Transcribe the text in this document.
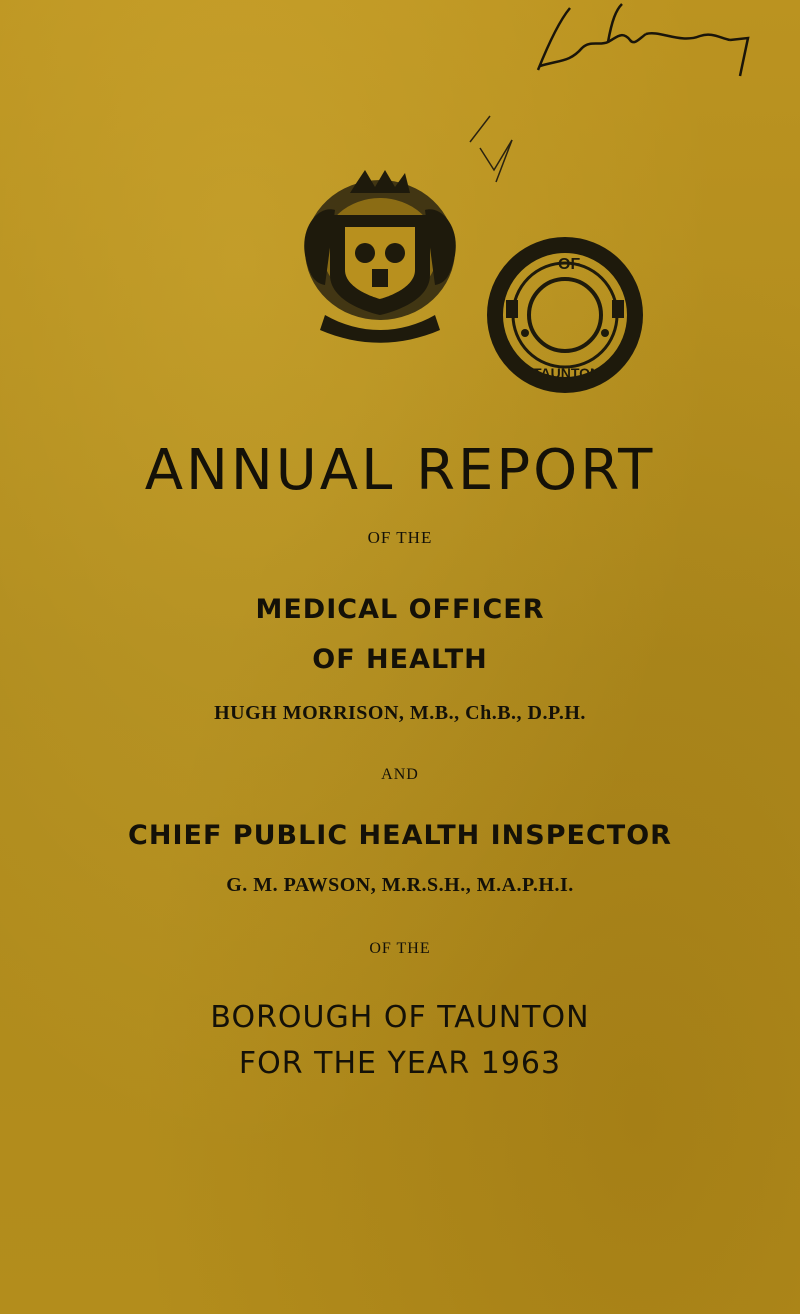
OF
TAUNTON
ANNUAL REPORT
OF THE
MEDICAL OFFICER
OF HEALTH
HUGH MORRISON, M.B., Ch.B., D.P.H.
AND
CHIEF PUBLIC HEALTH INSPECTOR
G. M. PAWSON, M.R.S.H., M.A.P.H.I.
OF THE
BOROUGH OF TAUNTON
FOR THE YEAR 1963
